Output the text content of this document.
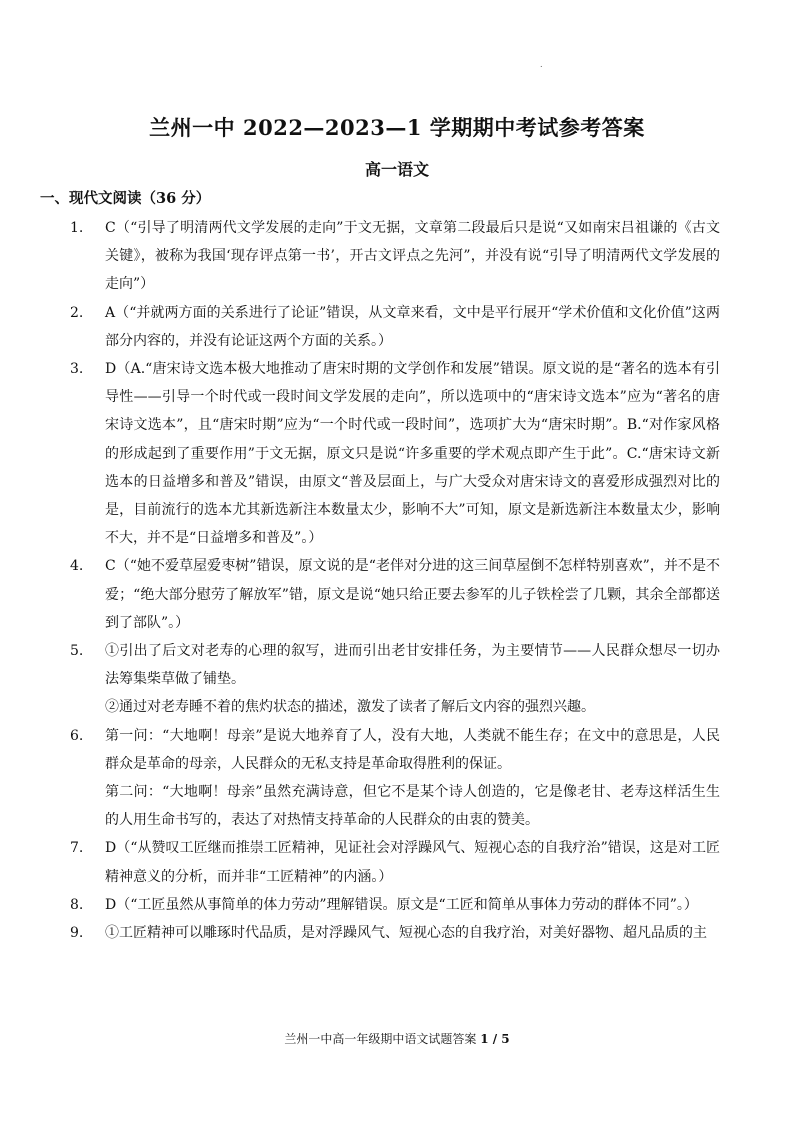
.
兰州一中 2022—2023—1 学期期中考试参考答案
高一语文
一、现代文阅读（36 分）
1.	C（“引导了明清两代文学发展的走向”于文无据，文章第二段最后只是说“又如南宋吕祖谦的《古文关键》，被称为我国‘现存评点第一书’，开古文评点之先河”，并没有说“引导了明清两代文学发展的走向”）
2.	A（“并就两方面的关系进行了论证”错误，从文章来看，文中是平行展开“学术价值和文化价值”这两部分内容的，并没有论证这两个方面的关系。）
3.	D（A.“唐宋诗文选本极大地推动了唐宋时期的文学创作和发展”错误。原文说的是“著名的选本有引导性——引导一个时代或一段时间文学发展的走向”，所以选项中的“唐宋诗文选本”应为“著名的唐宋诗文选本”，且“唐宋时期”应为“一个时代或一段时间”，选项扩大为“唐宋时期”。B.“对作家风格的形成起到了重要作用”于文无据，原文只是说“许多重要的学术观点即产生于此”。C.“唐宋诗文新选本的日益增多和普及”错误，由原文“普及层面上，与广大受众对唐宋诗文的喜爱形成强烈对比的是，目前流行的选本尤其新选新注本数量太少，影响不大”可知，原文是新选新注本数量太少，影响不大，并不是“日益增多和普及”。）
4.	C（“她不爱草屋爱枣树”错误，原文说的是“老伴对分进的这三间草屋倒不怎样特别喜欢”，并不是不爱；“绝大部分慰劳了解放军”错，原文是说“她只给正要去参军的儿子铁栓尝了几颗，其余全部都送到了部队”。）
5.	①引出了后文对老寿的心理的叙写，进而引出老甘安排任务，为主要情节——人民群众想尽一切办法筹集柴草做了铺垫。
②通过对老寿睡不着的焦灼状态的描述，激发了读者了解后文内容的强烈兴趣。
6.	第一问：“大地啊！母亲”是说大地养育了人，没有大地，人类就不能生存；在文中的意思是，人民群众是革命的母亲，人民群众的无私支持是革命取得胜利的保证。
第二问：“大地啊！母亲”虽然充满诗意，但它不是某个诗人创造的，它是像老甘、老寿这样活生生的人用生命书写的，表达了对热情支持革命的人民群众的由衷的赞美。
7.	D（“从赞叹工匠继而推崇工匠精神，见证社会对浮躁风气、短视心态的自我疗治”错误，这是对工匠精神意义的分析，而并非“工匠精神”的内涵。）
8.	D（“工匠虽然从事简单的体力劳动”理解错误。原文是“工匠和简单从事体力劳动的群体不同”。）
9.	①工匠精神可以雕琢时代品质，是对浮躁风气、短视心态的自我疗治，对美好器物、超凡品质的主
兰州一中高一年级期中语文试题答案 1 / 5
